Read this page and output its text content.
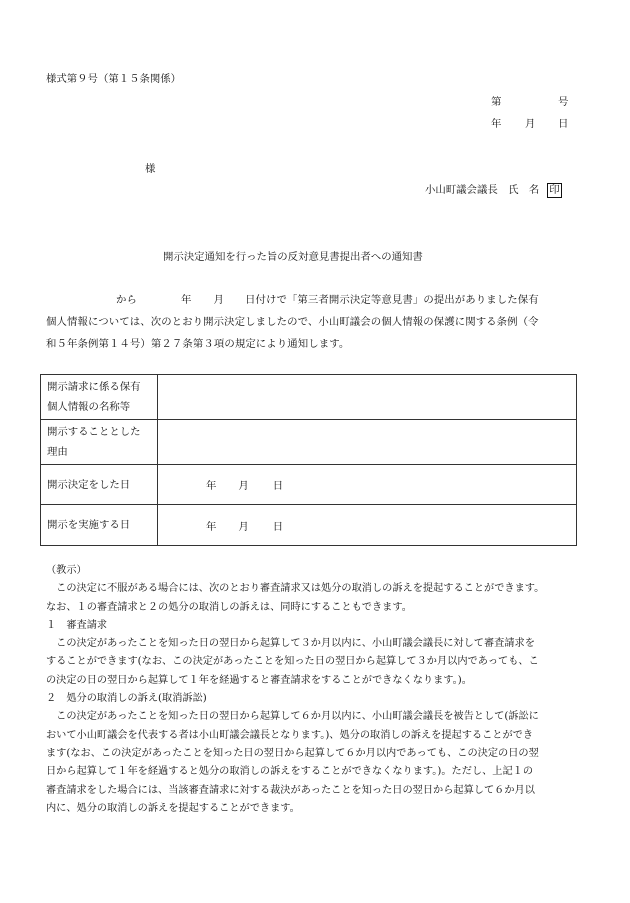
様式第９号（第１５条関係）
第	号
年 月 日
様
小山町議会議長　氏　名 印
開示決定通知を行った旨の反対意見書提出者への通知書
から	年 月 日付けで「第三者開示決定等意見書」の提出がありました保有
個人情報については、次のとおり開示決定しましたので、小山町議会の個人情報の保護に関する条例（令
和５年条例第１４号）第２７条第３項の規定により通知します。
開示請求に係る保有
個人情報の名称等	

開示することとした
理由	

開示決定をした日	年 月 日
開示を実施する日	年 月 日
（教示）
　この決定に不服がある場合には、次のとおり審査請求又は処分の取消しの訴えを提起することができます。
なお、１の審査請求と２の処分の取消しの訴えは、同時にすることもできます。
１　審査請求
　この決定があったことを知った日の翌日から起算して３か月以内に、小山町議会議長に対して審査請求を
することができます(なお、この決定があったことを知った日の翌日から起算して３か月以内であっても、こ
の決定の日の翌日から起算して１年を経過すると審査請求をすることができなくなります。)。
２　処分の取消しの訴え(取消訴訟)
　この決定があったことを知った日の翌日から起算して６か月以内に、小山町議会議長を被告として(訴訟に
おいて小山町議会を代表する者は小山町議会議長となります。)、処分の取消しの訴えを提起することができ
ます(なお、この決定があったことを知った日の翌日から起算して６か月以内であっても、この決定の日の翌
日から起算して１年を経過すると処分の取消しの訴えをすることができなくなります。)。ただし、上記１の
審査請求をした場合には、当該審査請求に対する裁決があったことを知った日の翌日から起算して６か月以
内に、処分の取消しの訴えを提起することができます。
